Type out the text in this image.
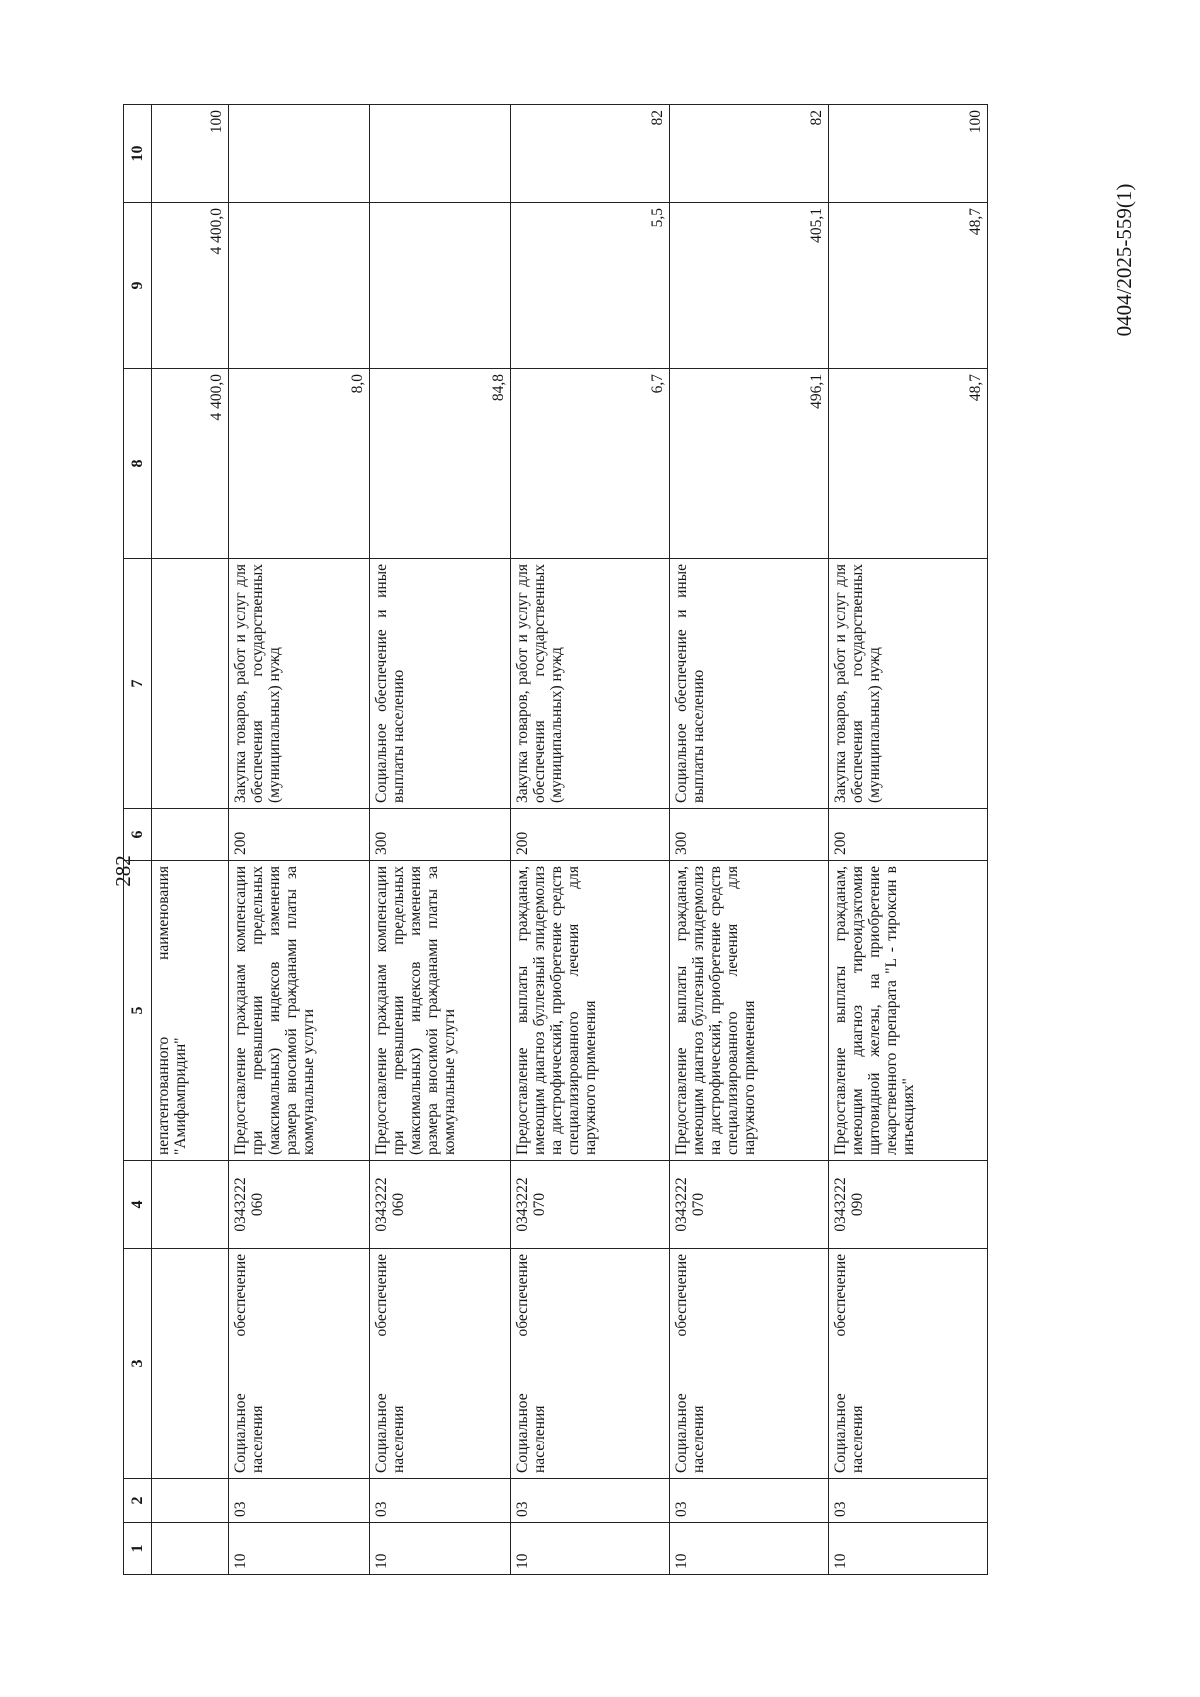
282
0404/2025-559(1)
1	2	3	4	5	6	7	8	9	10
				непатентованного наименования "Амифампридин"			4 400,0	4 400,0	100
10	03	Социальное обеспечение населения	0343222 060	Предоставление гражданам компенсации при превышении предельных (максимальных) индексов изменения размера вносимой гражданами платы за коммунальные услуги	200	Закупка товаров, работ и услуг для обеспечения государственных (муниципальных) нужд	8,0		
10	03	Социальное обеспечение населения	0343222 060	Предоставление гражданам компенсации при превышении предельных (максимальных) индексов изменения размера вносимой гражданами платы за коммунальные услуги	300	Социальное обеспечение и иные выплаты населению	84,8		
10	03	Социальное обеспечение населения	0343222 070	Предоставление выплаты гражданам, имеющим диагноз буллезный эпидермолиз на дистрофический, приобретение средств специализированного лечения для наружного применения	200	Закупка товаров, работ и услуг для обеспечения государственных (муниципальных) нужд	6,7	5,5	82
10	03	Социальное обеспечение населения	0343222 070	Предоставление выплаты гражданам, имеющим диагноз буллезный эпидермолиз на дистрофический, приобретение средств специализированного лечения для наружного применения	300	Социальное обеспечение и иные выплаты населению	496,1	405,1	82
10	03	Социальное обеспечение населения	0343222 090	Предоставление выплаты гражданам, имеющим диагноз тиреоидэктомия щитовидной железы, на приобретение лекарственного препарата "L - тироксин в инъекциях"	200	Закупка товаров, работ и услуг для обеспечения государственных (муниципальных) нужд	48,7	48,7	100
